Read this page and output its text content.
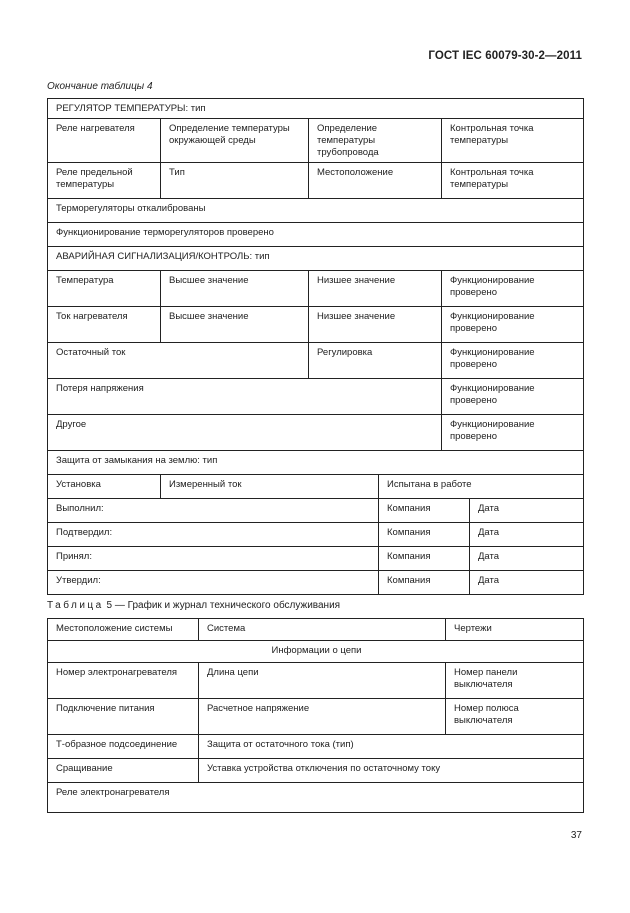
ГОСТ IEC 60079-30-2—2011
Окончание таблицы 4
РЕГУЛЯТОР ТЕМПЕРАТУРЫ: тип					
Реле нагревателя	Определение температуры окружающей среды	Определение температуры трубопровода		Контрольная точка температуры	
Реле предельной температуры	Тип	Местоположение		Контрольная точка температуры	
Терморегуляторы откалиброваны					
Функционирование терморегуляторов проверено					
АВАРИЙНАЯ СИГНАЛИЗАЦИЯ/КОНТРОЛЬ: тип					
Температура	Высшее значение	Низшее значение		Функционирование проверено	
Ток нагревателя	Высшее значение	Низшее значение		Функционирование проверено	
Остаточный ток		Регулировка		Функционирование проверено	
Потеря напряжения				Функционирование проверено	
Другое				Функционирование проверено	
Защита от замыкания на землю: тип					
Установка	Измеренный ток		Испытана в работе		
Выполнил:			Компания		Дата
Подтвердил:			Компания		Дата
Принял:			Компания		Дата
Утвердил:			Компания		Дата
Таблица 5 — График и журнал технического обслуживания
Местоположение системы	Система	Чертежи
Информации о цепи		
Номер электронагревателя	Длина цепи	Номер панели выключателя
Подключение питания	Расчетное напряжение	Номер полюса выключателя
Т-образное подсоединение	Защита от остаточного тока (тип)	
Сращивание	Уставка устройства отключения по остаточному току	
Реле электронагревателя		
37
